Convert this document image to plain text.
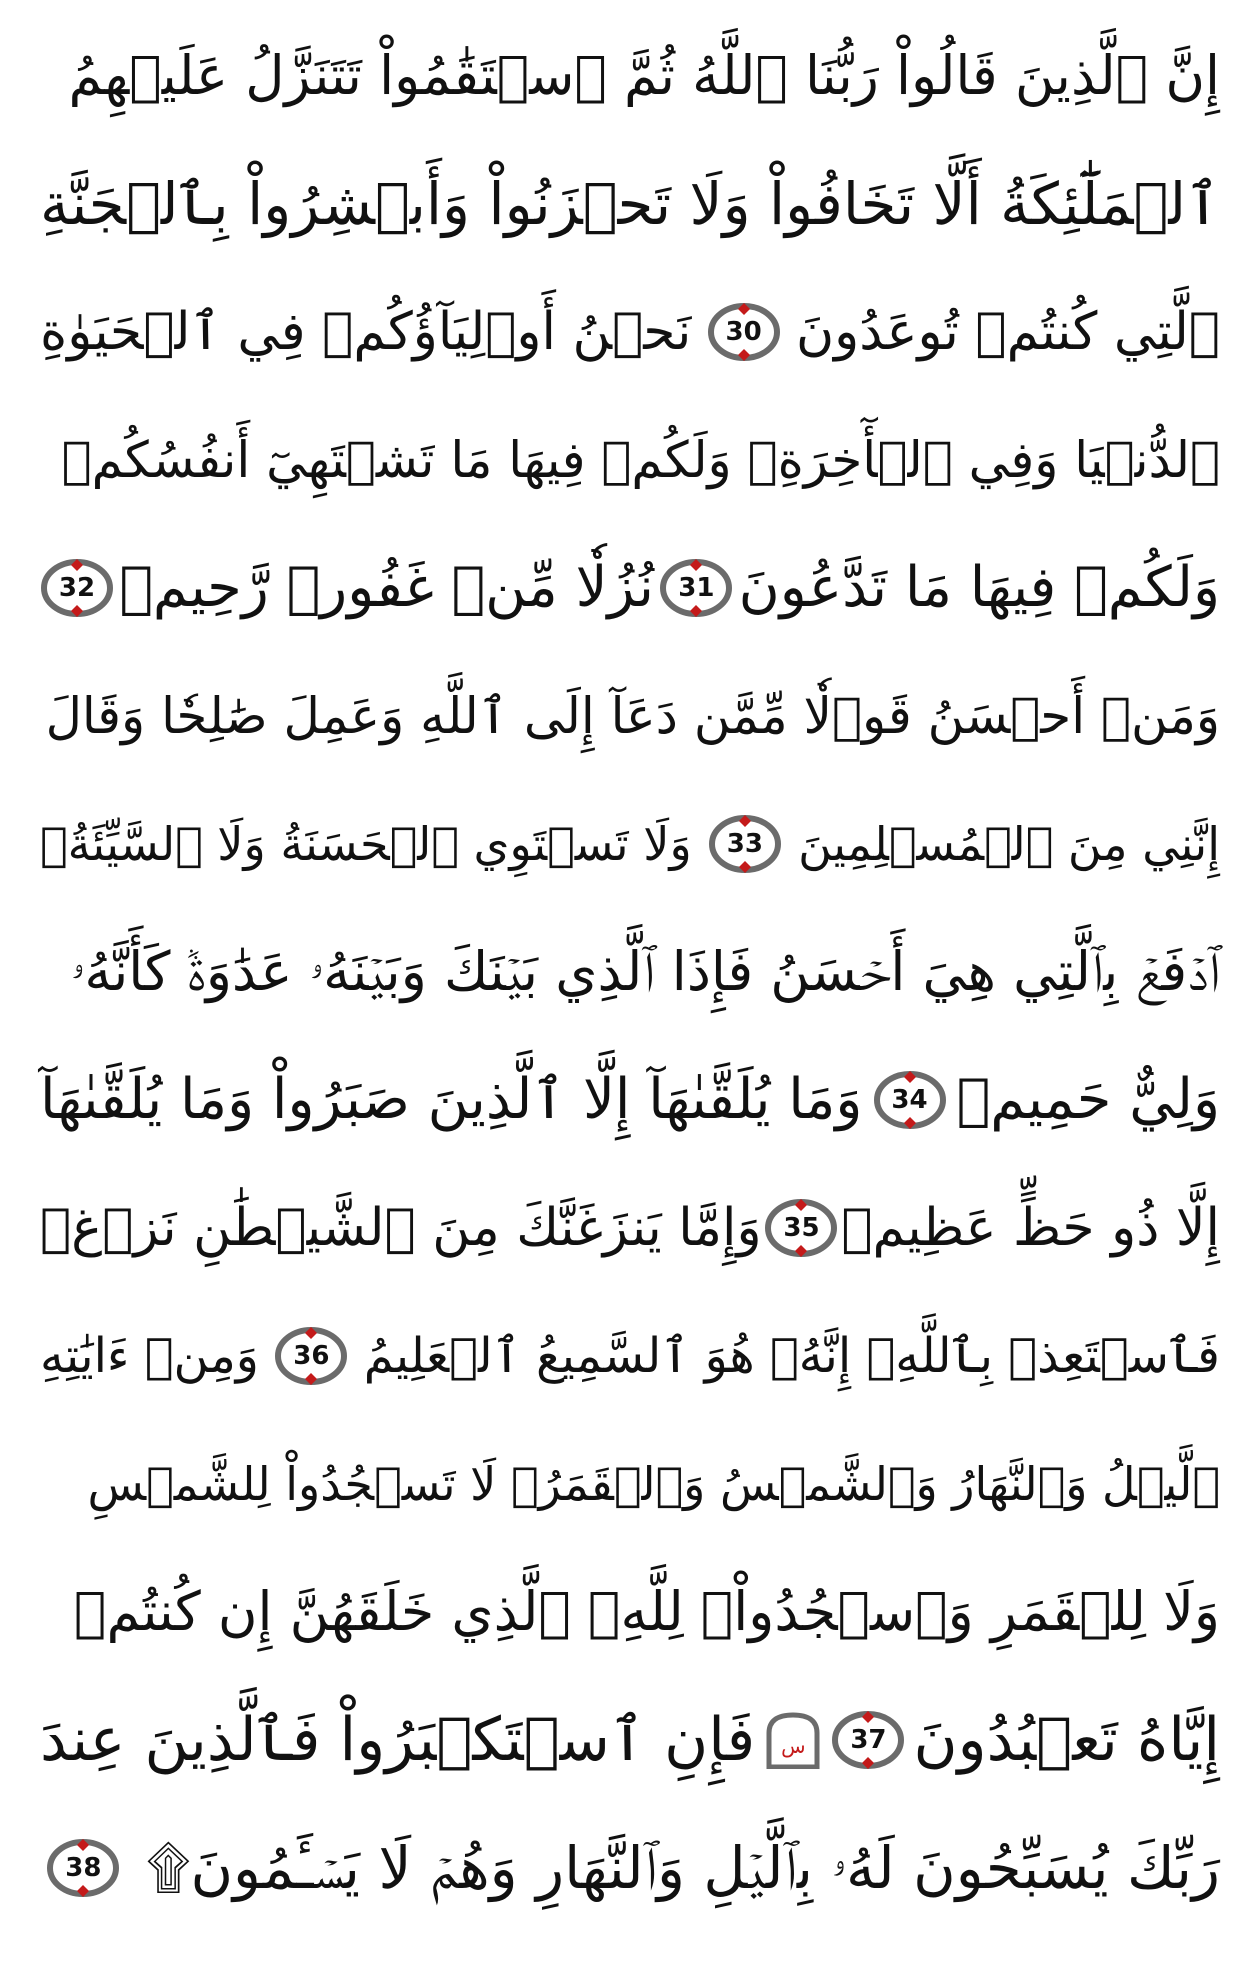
إِنَّ ٱلَّذِينَ قَالُواْ رَبُّنَا ٱللَّهُ ثُمَّ ٱسۡتَقَٰمُواْ تَتَنَزَّلُ عَلَيۡهِمُ
ٱلۡمَلَٰٓئِكَةُ أَلَّا تَخَافُواْ وَلَا تَحۡزَنُواْ وَأَبۡشِرُواْ بِٱلۡجَنَّةِ
ٱلَّتِي كُنتُمۡ تُوعَدُونَ
30
نَحۡنُ أَوۡلِيَآؤُكُمۡ فِي ٱلۡحَيَوٰةِ
ٱلدُّنۡيَا وَفِي ٱلۡأٓخِرَةِۖ وَلَكُمۡ فِيهَا مَا تَشۡتَهِيٓ أَنفُسُكُمۡ
وَلَكُمۡ فِيهَا مَا تَدَّعُونَ
31
نُزُلٗا مِّنۡ غَفُورٖ رَّحِيمٖ
32
وَمَنۡ أَحۡسَنُ قَوۡلٗا مِّمَّن دَعَآ إِلَى ٱللَّهِ وَعَمِلَ صَٰلِحٗا وَقَالَ
إِنَّنِي مِنَ ٱلۡمُسۡلِمِينَ
33
وَلَا تَسۡتَوِي ٱلۡحَسَنَةُ وَلَا ٱلسَّيِّئَةُۚ
ٱدۡفَعۡ بِٱلَّتِي هِيَ أَحۡسَنُ فَإِذَا ٱلَّذِي بَيۡنَكَ وَبَيۡنَهُۥ عَدَٰوَةٞ كَأَنَّهُۥ
وَلِيٌّ حَمِيمٞ
34
وَمَا يُلَقَّىٰهَآ إِلَّا ٱلَّذِينَ صَبَرُواْ وَمَا يُلَقَّىٰهَآ
إِلَّا ذُو حَظٍّ عَظِيمٖ
35
وَإِمَّا يَنزَغَنَّكَ مِنَ ٱلشَّيۡطَٰنِ نَزۡغٞ
فَٱسۡتَعِذۡ بِٱللَّهِۖ إِنَّهُۥ هُوَ ٱلسَّمِيعُ ٱلۡعَلِيمُ
36
وَمِنۡ ءَايَٰتِهِ
ٱلَّيۡلُ وَٱلنَّهَارُ وَٱلشَّمۡسُ وَٱلۡقَمَرُۚ لَا تَسۡجُدُواْ لِلشَّمۡسِ
وَلَا لِلۡقَمَرِ وَٱسۡجُدُواْۤ لِلَّهِۤ ٱلَّذِي خَلَقَهُنَّ إِن كُنتُمۡ
إِيَّاهُ تَعۡبُدُونَ
37
س
فَإِنِ ٱسۡتَكۡبَرُواْ فَٱلَّذِينَ عِندَ
رَبِّكَ يُسَبِّحُونَ لَهُۥ بِٱلَّيۡلِ وَٱلنَّهَارِ وَهُمۡ لَا يَسۡـَٔمُونَ۩
38
